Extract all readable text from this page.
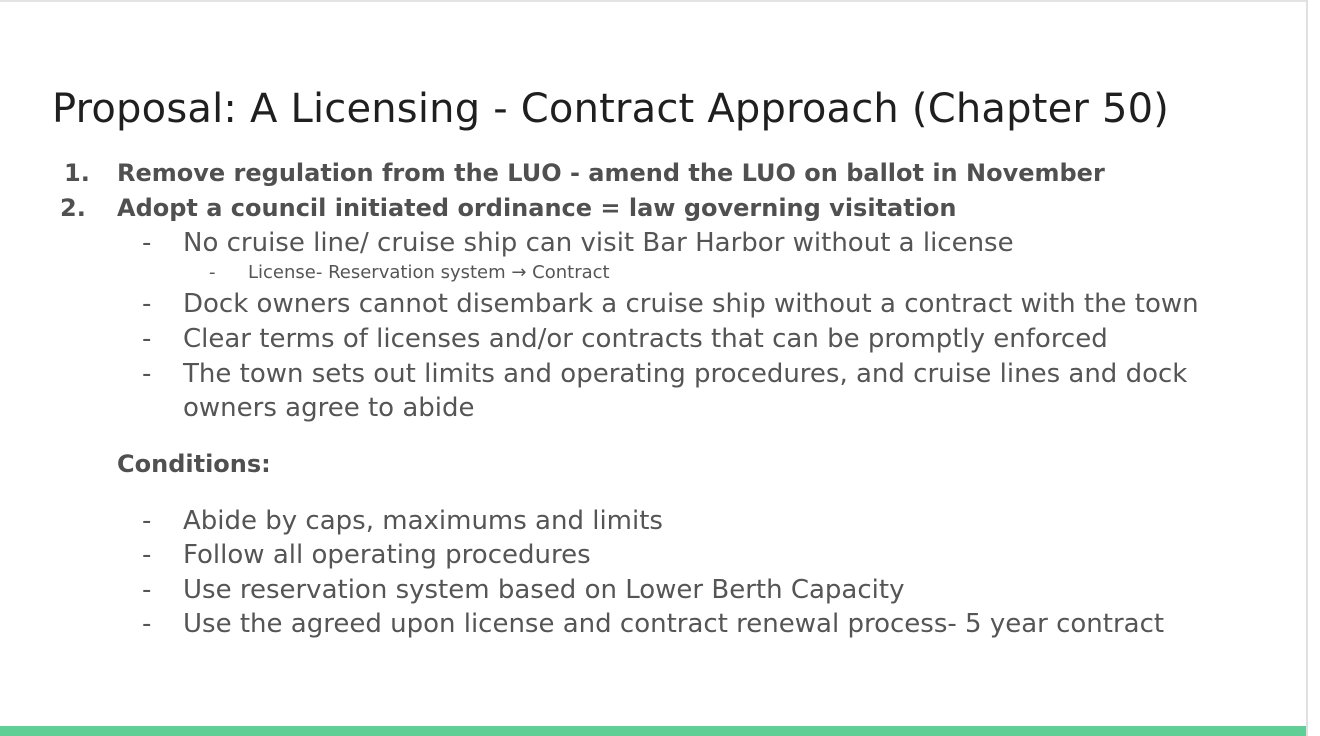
Proposal: A Licensing - Contract Approach (Chapter 50)
1. Remove regulation from the LUO - amend the LUO on ballot in November
2. Adopt a council initiated ordinance = law governing visitation
- No cruise line/ cruise ship can visit Bar Harbor without a license
- License- Reservation system → Contract
- Dock owners cannot disembark a cruise ship without a contract with the town
- Clear terms of licenses and/or contracts that can be promptly enforced
- The town sets out limits and operating procedures, and cruise lines and dock
owners agree to abide
Conditions:
- Abide by caps, maximums and limits
- Follow all operating procedures
- Use reservation system based on Lower Berth Capacity
- Use the agreed upon license and contract renewal process- 5 year contract
